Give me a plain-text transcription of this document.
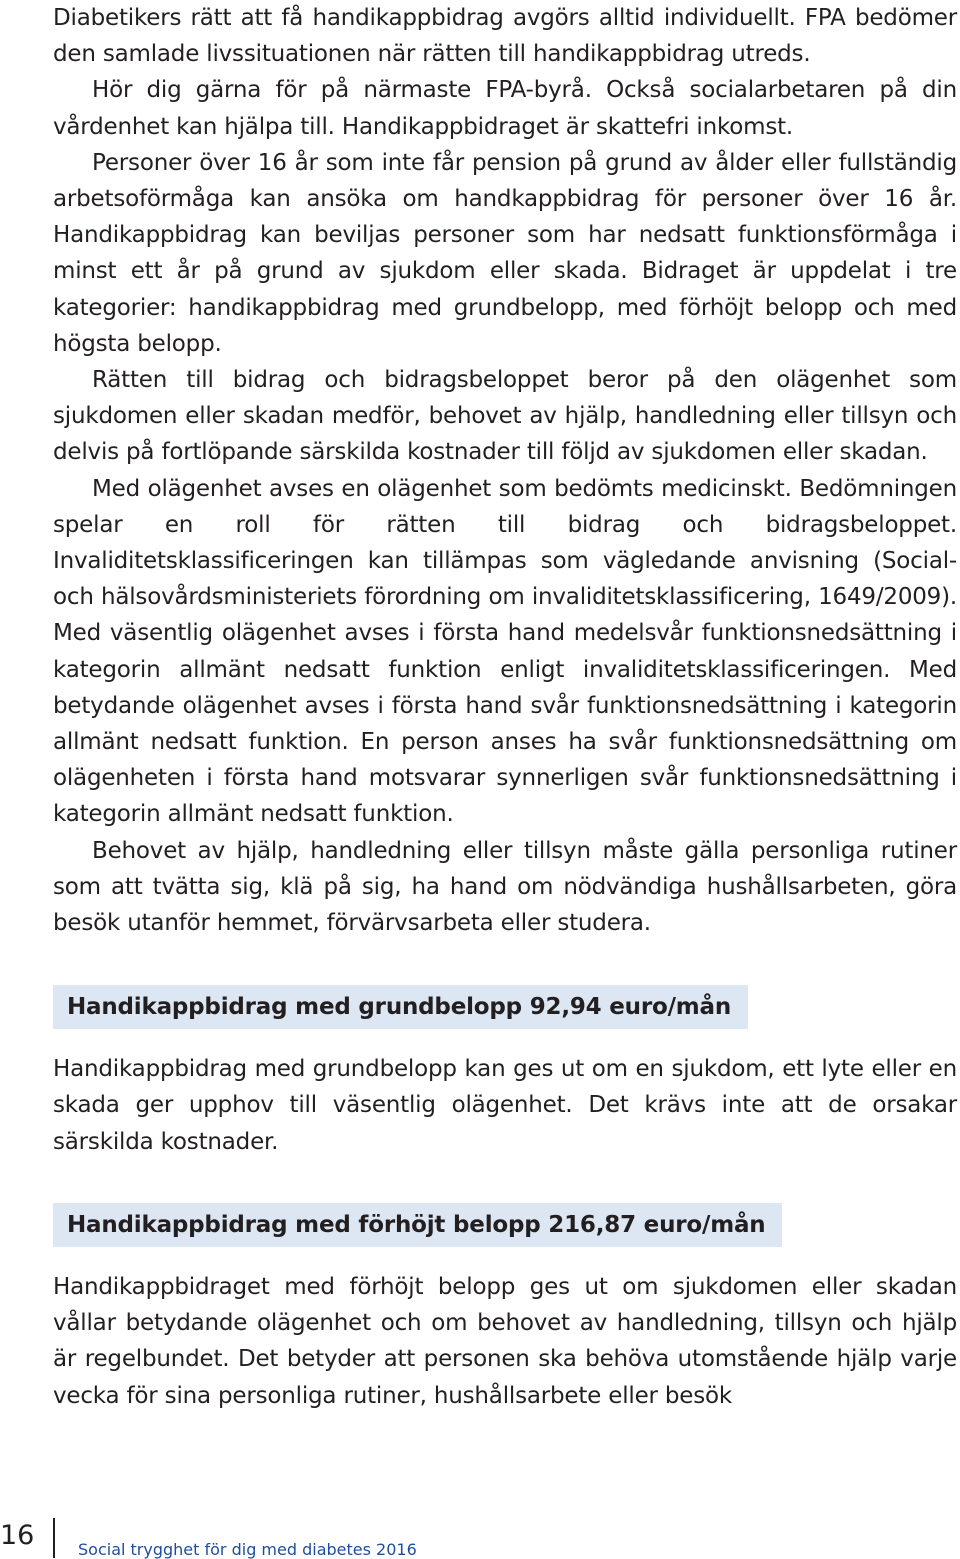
Diabetikers rätt att få handikappbidrag avgörs alltid individuellt. FPA bedömer den samlade livssituationen när rätten till handikappbidrag utreds.

Hör dig gärna för på närmaste FPA-byrå. Också socialarbetaren på din vårdenhet kan hjälpa till. Handikappbidraget är skattefri inkomst.

Personer över 16 år som inte får pension på grund av ålder eller fullständig arbetsoförmåga kan ansöka om handkappbidrag för personer över 16 år. Handikappbidrag kan beviljas personer som har nedsatt funktionsförmåga i minst ett år på grund av sjukdom eller skada. Bidraget är uppdelat i tre kategorier: handikappbidrag med grundbelopp, med förhöjt belopp och med högsta belopp.

Rätten till bidrag och bidragsbeloppet beror på den olägenhet som sjukdomen eller skadan medför, behovet av hjälp, handledning eller tillsyn och delvis på fortlöpande särskilda kostnader till följd av sjukdomen eller skadan.

Med olägenhet avses en olägenhet som bedömts medicinskt. Bedömningen spelar en roll för rätten till bidrag och bidragsbeloppet. Invaliditetsklassificeringen kan tillämpas som vägledande anvisning (Social- och hälsovårdsministeriets förordning om invaliditetsklassificering, 1649/2009). Med väsentlig olägenhet avses i första hand medelsvår funktionsnedsättning i kategorin allmänt nedsatt funktion enligt invaliditetsklassificeringen. Med betydande olägenhet avses i första hand svår funktionsnedsättning i kategorin allmänt nedsatt funktion. En person anses ha svår funktionsnedsättning om olägenheten i första hand motsvarar synnerligen svår funktionsnedsättning i kategorin allmänt nedsatt funktion.

Behovet av hjälp, handledning eller tillsyn måste gälla personliga rutiner som att tvätta sig, klä på sig, ha hand om nödvändiga hushållsarbeten, göra besök utanför hemmet, förvärvsarbeta eller studera.

Handikappbidrag med grundbelopp 92,94 euro/mån

Handikappbidrag med grundbelopp kan ges ut om en sjukdom, ett lyte eller en skada ger upphov till väsentlig olägenhet. Det krävs inte att de orsakar särskilda kostnader.

Handikappbidrag med förhöjt belopp 216,87 euro/mån

Handikappbidraget med förhöjt belopp ges ut om sjukdomen eller skadan vållar betydande olägenhet och om behovet av handledning, tillsyn och hjälp är regelbundet. Det betyder att personen ska behöva utomstående hjälp varje vecka för sina personliga rutiner, hushållsarbete eller besök

16	Social trygghet för dig med diabetes 2016
